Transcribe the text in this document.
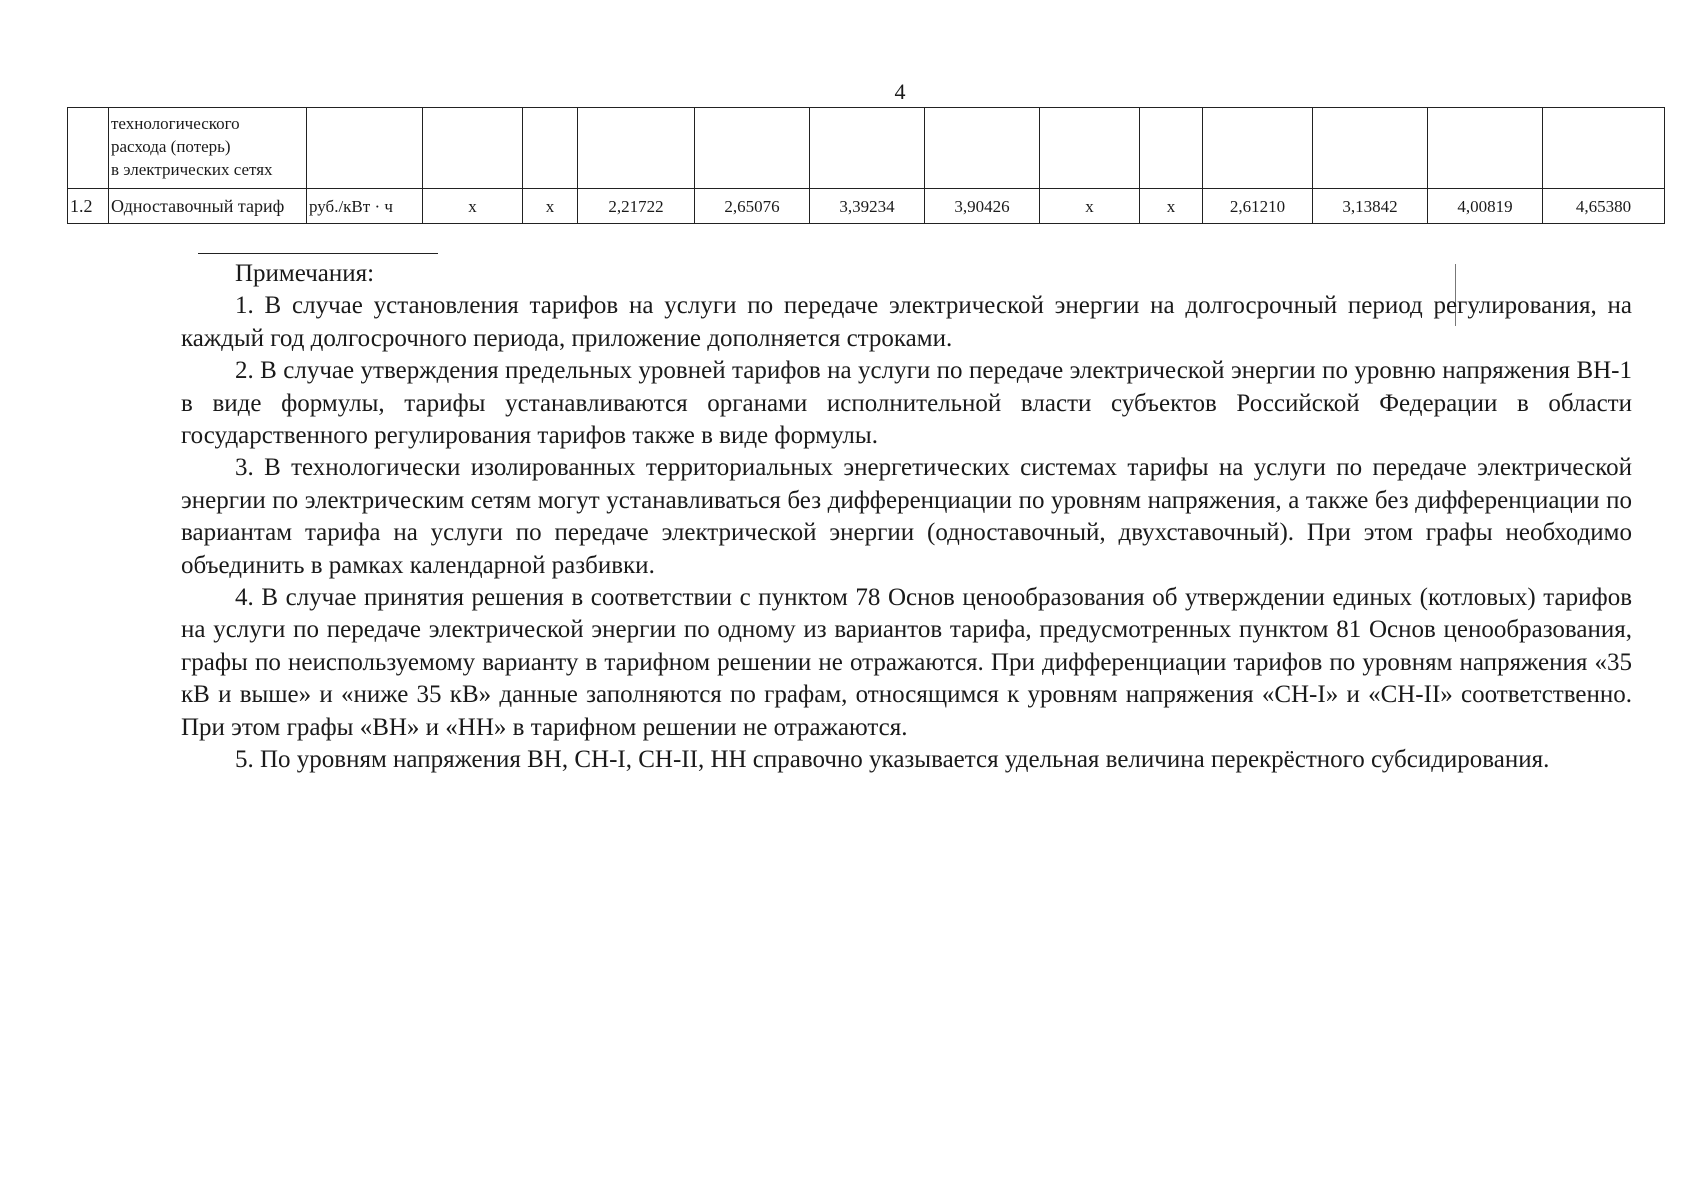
4

	технологического
расхода (потерь)
в электрических сетях													

1.2	Одноставочный тариф	руб./кВт · ч	x	x	2,21722	2,65076	3,39234	3,90426	x	x	2,61210	3,13842	4,00819	4,65380

Примечания:

1. В случае установления тарифов на услуги по передаче электрической энергии на долгосрочный период регулирования, на каждый год долгосрочного периода, приложение дополняется строками.

2. В случае утверждения предельных уровней тарифов на услуги по передаче электрической энергии по уровню напряжения ВН-1 в виде формулы, тарифы устанавливаются органами исполнительной власти субъектов Российской Федерации в области государственного регулирования тарифов также в виде формулы.

3. В технологически изолированных территориальных энергетических системах тарифы на услуги по передаче электрической энергии по электрическим сетям могут устанавливаться без дифференциации по уровням напряжения, а также без дифференциации по вариантам тарифа на услуги по передаче электрической энергии (одноставочный, двухставочный). При этом графы необходимо объединить в рамках календарной разбивки.

4. В случае принятия решения в соответствии с пунктом 78 Основ ценообразования об утверждении единых (котловых) тарифов на услуги по передаче электрической энергии по одному из вариантов тарифа, предусмотренных пунктом 81 Основ ценообразования, графы по неиспользуемому варианту в тарифном решении не отражаются. При дифференциации тарифов по уровням напряжения «35 кВ и выше» и «ниже 35 кВ» данные заполняются по графам, относящимся к уровням напряжения «СН-I» и «СН-II» соответственно. При этом графы «ВН» и «НН» в тарифном решении не отражаются.

5. По уровням напряжения ВН, СН-I, СН-II, НН справочно указывается удельная величина перекрёстного субсидирования.
